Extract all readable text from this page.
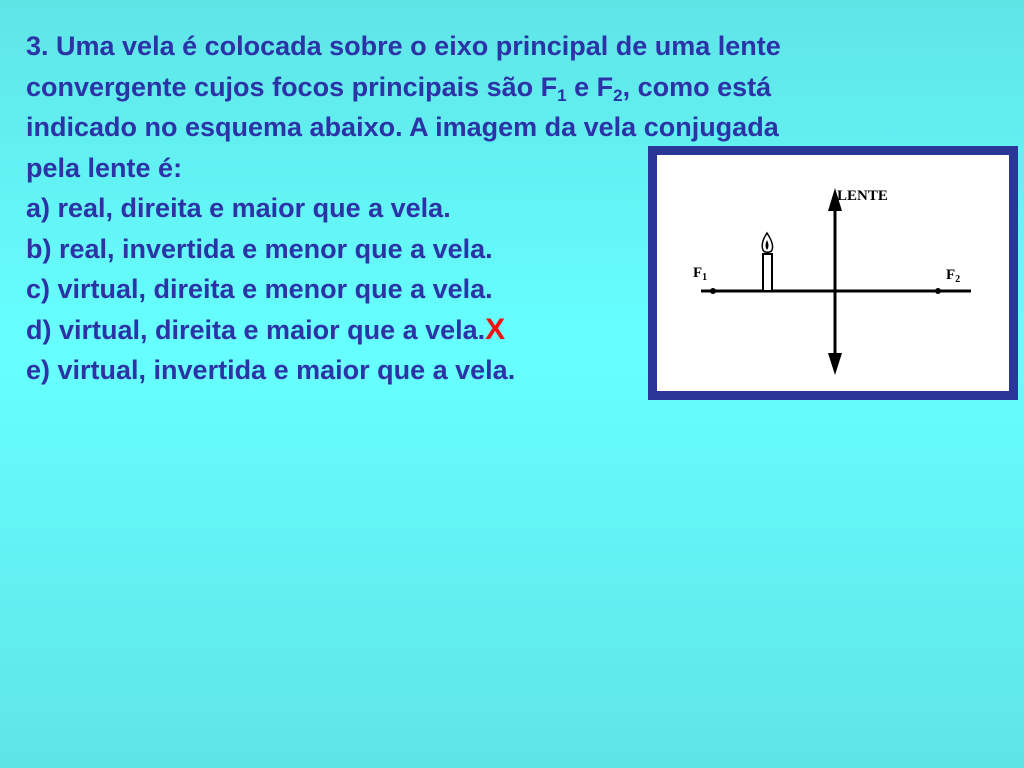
3. Uma vela é colocada sobre o eixo principal de uma lente
convergente cujos focos principais são $F_1$ e $F_2$, como está
indicado no esquema abaixo. A imagem da vela conjugada
pela lente é:
a) real, direita e maior que a vela.
b) real, invertida e menor que a vela.
c) virtual, direita e menor que a vela.
d) virtual, direita e maior que a vela.X
e) virtual, invertida e maior que a vela.
LENTE
$F_1$	$F_2$
